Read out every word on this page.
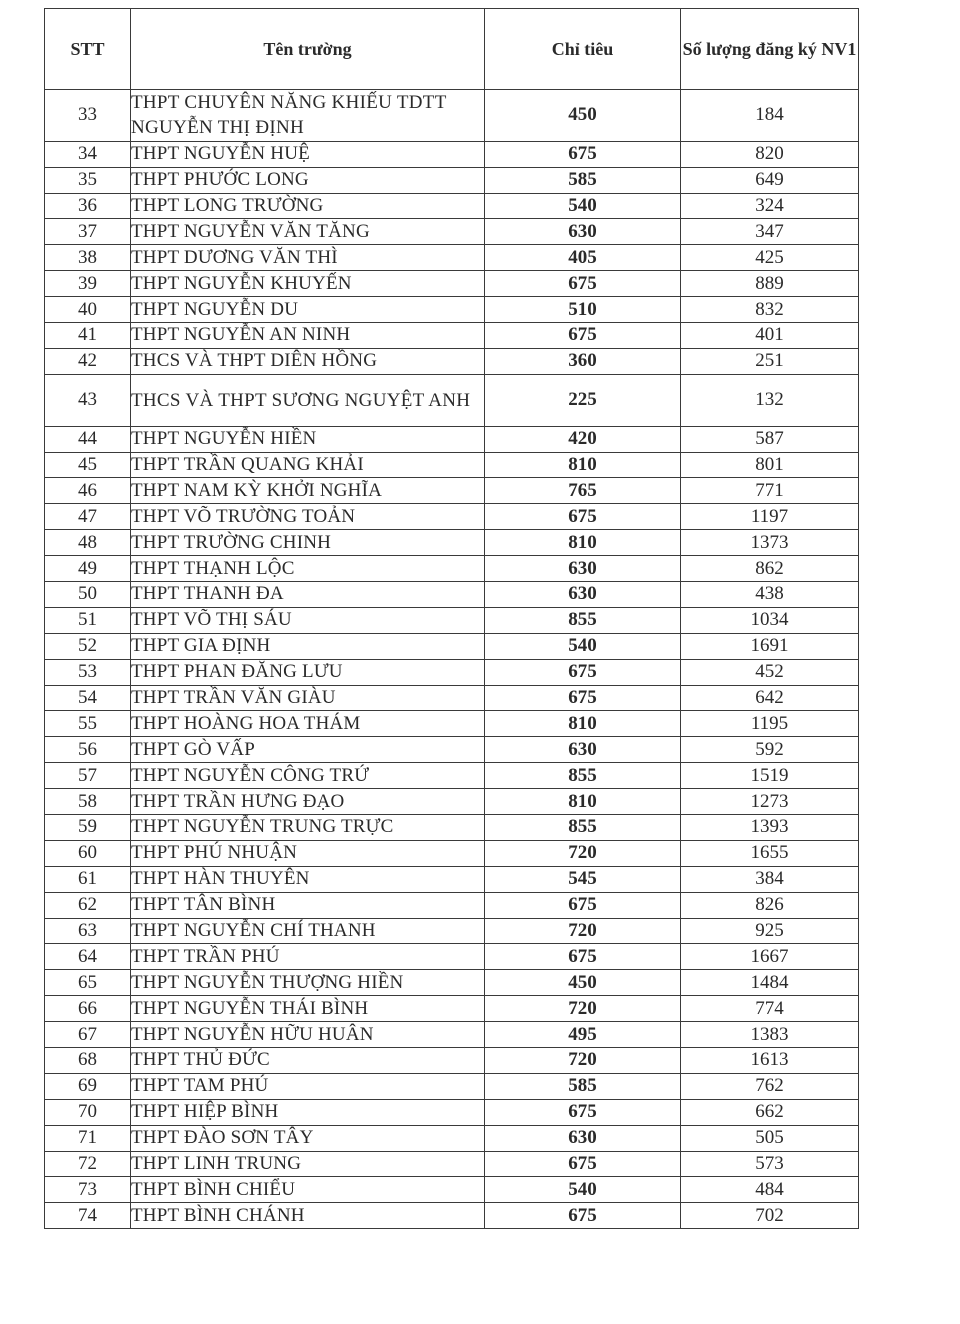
STT	Tên trường	Chỉ tiêu	Số lượng đăng ký NV1
33	THPT CHUYÊN NĂNG KHIẾU TDTT NGUYỄN THỊ ĐỊNH	450	184
34	THPT NGUYỄN HUỆ	675	820
35	THPT PHƯỚC LONG	585	649
36	THPT LONG TRƯỜNG	540	324
37	THPT NGUYỄN VĂN TĂNG	630	347
38	THPT DƯƠNG VĂN THÌ	405	425
39	THPT NGUYỄN KHUYẾN	675	889
40	THPT NGUYỄN DU	510	832
41	THPT NGUYỄN AN NINH	675	401
42	THCS VÀ THPT DIÊN HỒNG	360	251
43	THCS VÀ THPT SƯƠNG NGUYỆT ANH	225	132
44	THPT NGUYỄN HIỀN	420	587
45	THPT TRẦN QUANG KHẢI	810	801
46	THPT NAM KỲ KHỞI NGHĨA	765	771
47	THPT VÕ TRƯỜNG TOẢN	675	1197
48	THPT TRƯỜNG CHINH	810	1373
49	THPT THẠNH LỘC	630	862
50	THPT THANH ĐA	630	438
51	THPT VÕ THỊ SÁU	855	1034
52	THPT GIA ĐỊNH	540	1691
53	THPT PHAN ĐĂNG LƯU	675	452
54	THPT TRẦN VĂN GIÀU	675	642
55	THPT HOÀNG HOA THÁM	810	1195
56	THPT GÒ VẤP	630	592
57	THPT NGUYỄN CÔNG TRỨ	855	1519
58	THPT TRẦN HƯNG ĐẠO	810	1273
59	THPT NGUYỄN TRUNG TRỰC	855	1393
60	THPT PHÚ NHUẬN	720	1655
61	THPT HÀN THUYÊN	545	384
62	THPT TÂN BÌNH	675	826
63	THPT NGUYỄN CHÍ THANH	720	925
64	THPT TRẦN PHÚ	675	1667
65	THPT NGUYỄN THƯỢNG HIỀN	450	1484
66	THPT NGUYỄN THÁI BÌNH	720	774
67	THPT NGUYỄN HỮU HUÂN	495	1383
68	THPT THỦ ĐỨC	720	1613
69	THPT TAM PHÚ	585	762
70	THPT HIỆP BÌNH	675	662
71	THPT ĐÀO SƠN TÂY	630	505
72	THPT LINH TRUNG	675	573
73	THPT BÌNH CHIỂU	540	484
74	THPT BÌNH CHÁNH	675	702
